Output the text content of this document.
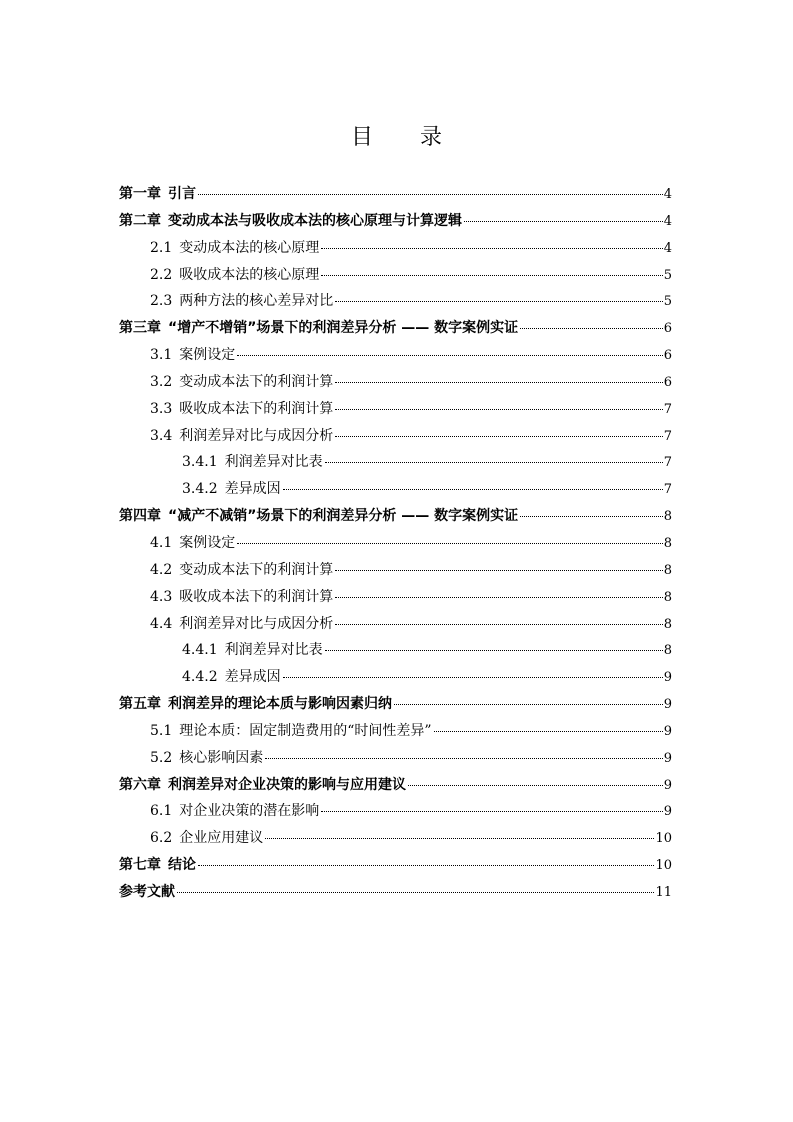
目 录
第一章 引言	4
第二章 变动成本法与吸收成本法的核心原理与计算逻辑	4
2.1 变动成本法的核心原理	4
2.2 吸收成本法的核心原理	5
2.3 两种方法的核心差异对比	5
第三章 “增产不增销”场景下的利润差异分析 —— 数字案例实证	6
3.1 案例设定	6
3.2 变动成本法下的利润计算	6
3.3 吸收成本法下的利润计算	7
3.4 利润差异对比与成因分析	7
3.4.1 利润差异对比表	7
3.4.2 差异成因	7
第四章 “减产不减销”场景下的利润差异分析 —— 数字案例实证	8
4.1 案例设定	8
4.2 变动成本法下的利润计算	8
4.3 吸收成本法下的利润计算	8
4.4 利润差异对比与成因分析	8
4.4.1 利润差异对比表	8
4.4.2 差异成因	9
第五章 利润差异的理论本质与影响因素归纳	9
5.1 理论本质：固定制造费用的“时间性差异”	9
5.2 核心影响因素	9
第六章 利润差异对企业决策的影响与应用建议	9
6.1 对企业决策的潜在影响	9
6.2 企业应用建议	10
第七章 结论	10
参考文献	11
